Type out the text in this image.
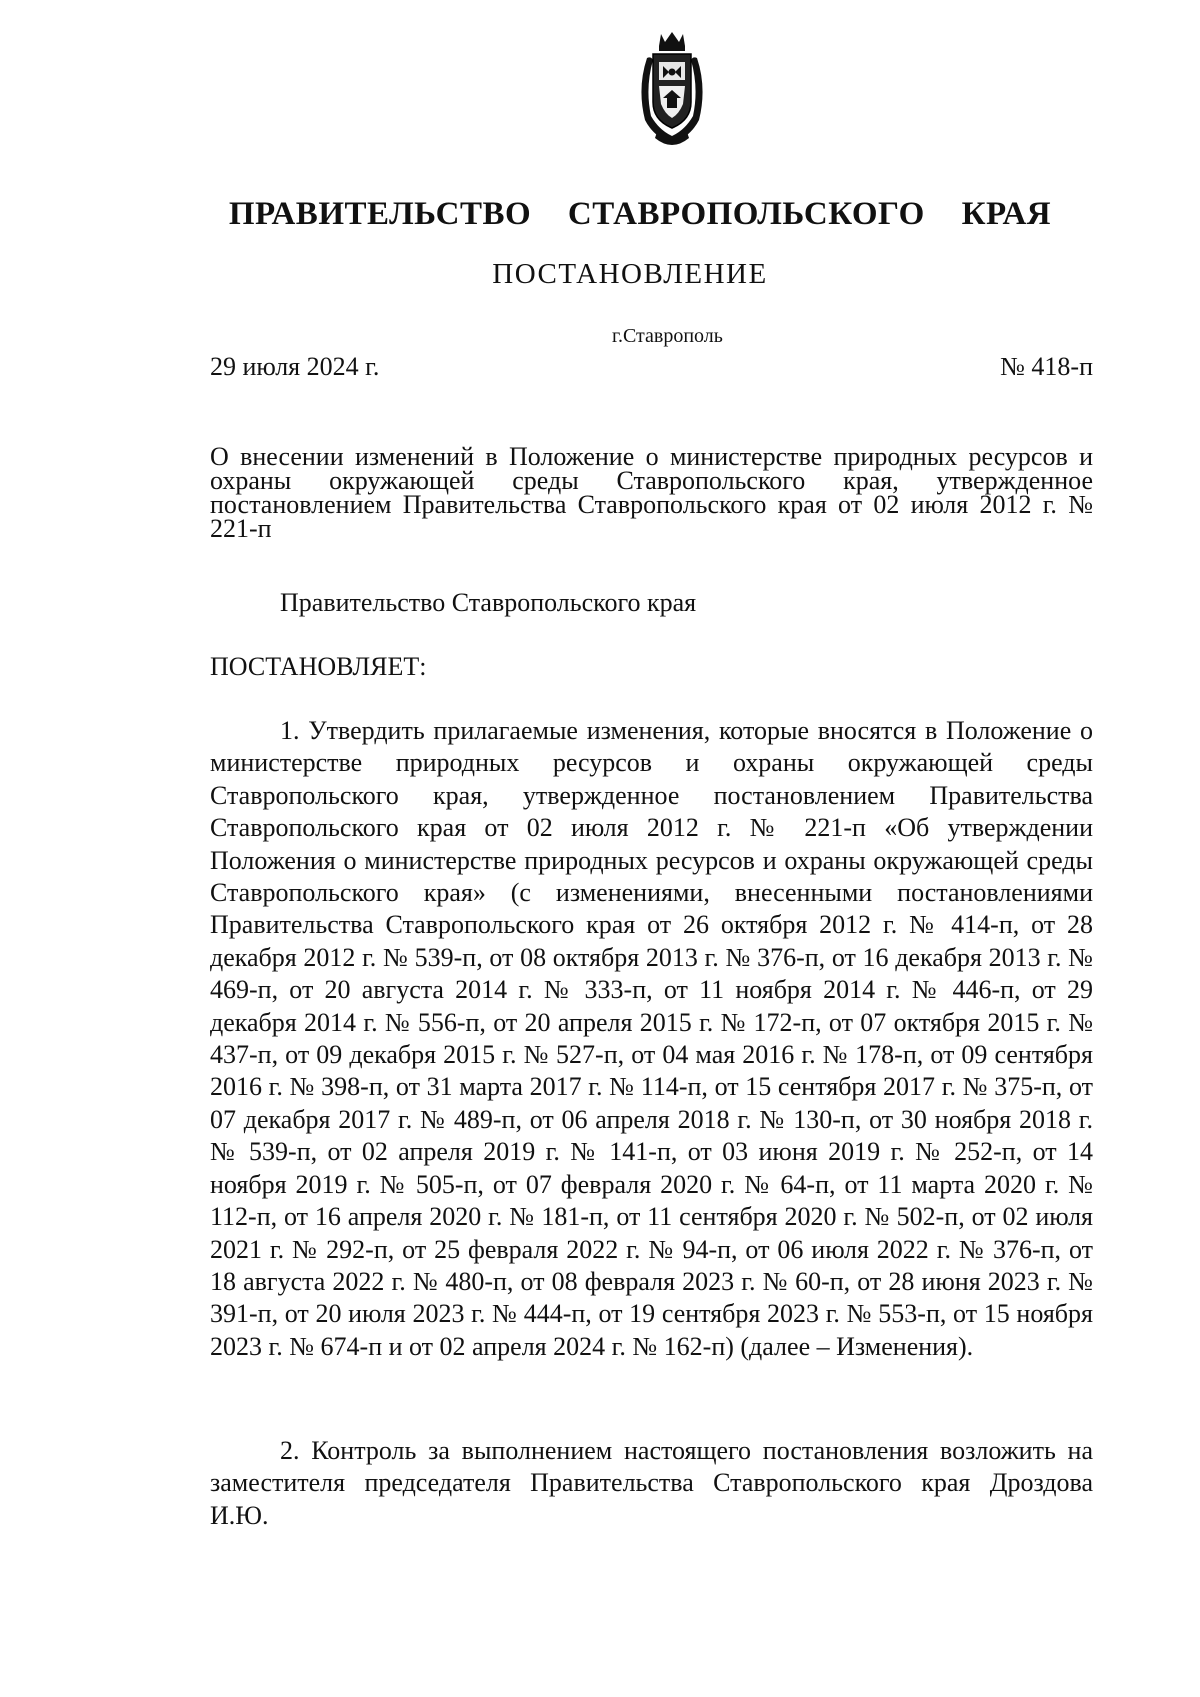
ПРАВИТЕЛЬСТВО СТАВРОПОЛЬСКОГО КРАЯ
ПОСТАНОВЛЕНИЕ
г.Ставрополь
29 июля 2024 г.	№ 418-п
О внесении изменений в Положение о министерстве природных ресурсов и охраны окружающей среды Ставропольского края, утвержденное постановлением Правительства Ставропольского края от 02 июля 2012 г. № 221-п
Правительство Ставропольского края
ПОСТАНОВЛЯЕТ:

1. Утвердить прилагаемые изменения, которые вносятся в Положение о министерстве природных ресурсов и охраны окружающей среды Ставропольского края, утвержденное постановлением Правительства Ставропольского края от 02 июля 2012 г. № 221-п «Об утверждении Положения о министерстве природных ресурсов и охраны окружающей среды Ставропольского края» (с изменениями, внесенными постановлениями Правительства Ставропольского края от 26 октября 2012 г. № 414-п, от 28 декабря 2012 г. № 539-п, от 08 октября 2013 г. № 376-п, от 16 декабря 2013 г. № 469-п, от 20 августа 2014 г. № 333-п, от 11 ноября 2014 г. № 446-п, от 29 декабря 2014 г. № 556-п, от 20 апреля 2015 г. № 172-п, от 07 октября 2015 г. № 437-п, от 09 декабря 2015 г. № 527-п, от 04 мая 2016 г. № 178-п, от 09 сентября 2016 г. № 398-п, от 31 марта 2017 г. № 114-п, от 15 сентября 2017 г. № 375-п, от 07 декабря 2017 г. № 489-п, от 06 апреля 2018 г. № 130-п, от 30 ноября 2018 г. № 539-п, от 02 апреля 2019 г. № 141-п, от 03 июня 2019 г. № 252-п, от 14 ноября 2019 г. № 505-п, от 07 февраля 2020 г. № 64-п, от 11 марта 2020 г. № 112-п, от 16 апреля 2020 г. № 181-п, от 11 сентября 2020 г. № 502-п, от 02 июля 2021 г. № 292-п, от 25 февраля 2022 г. № 94-п, от 06 июля 2022 г. № 376-п, от 18 августа 2022 г. № 480-п, от 08 февраля 2023 г. № 60-п, от 28 июня 2023 г. № 391-п, от 20 июля 2023 г. № 444-п, от 19 сентября 2023 г. № 553-п, от 15 ноября 2023 г. № 674-п и от 02 апреля 2024 г. № 162-п) (далее – Изменения).

2. Контроль за выполнением настоящего постановления возложить на заместителя председателя Правительства Ставропольского края Дроздова И.Ю.
